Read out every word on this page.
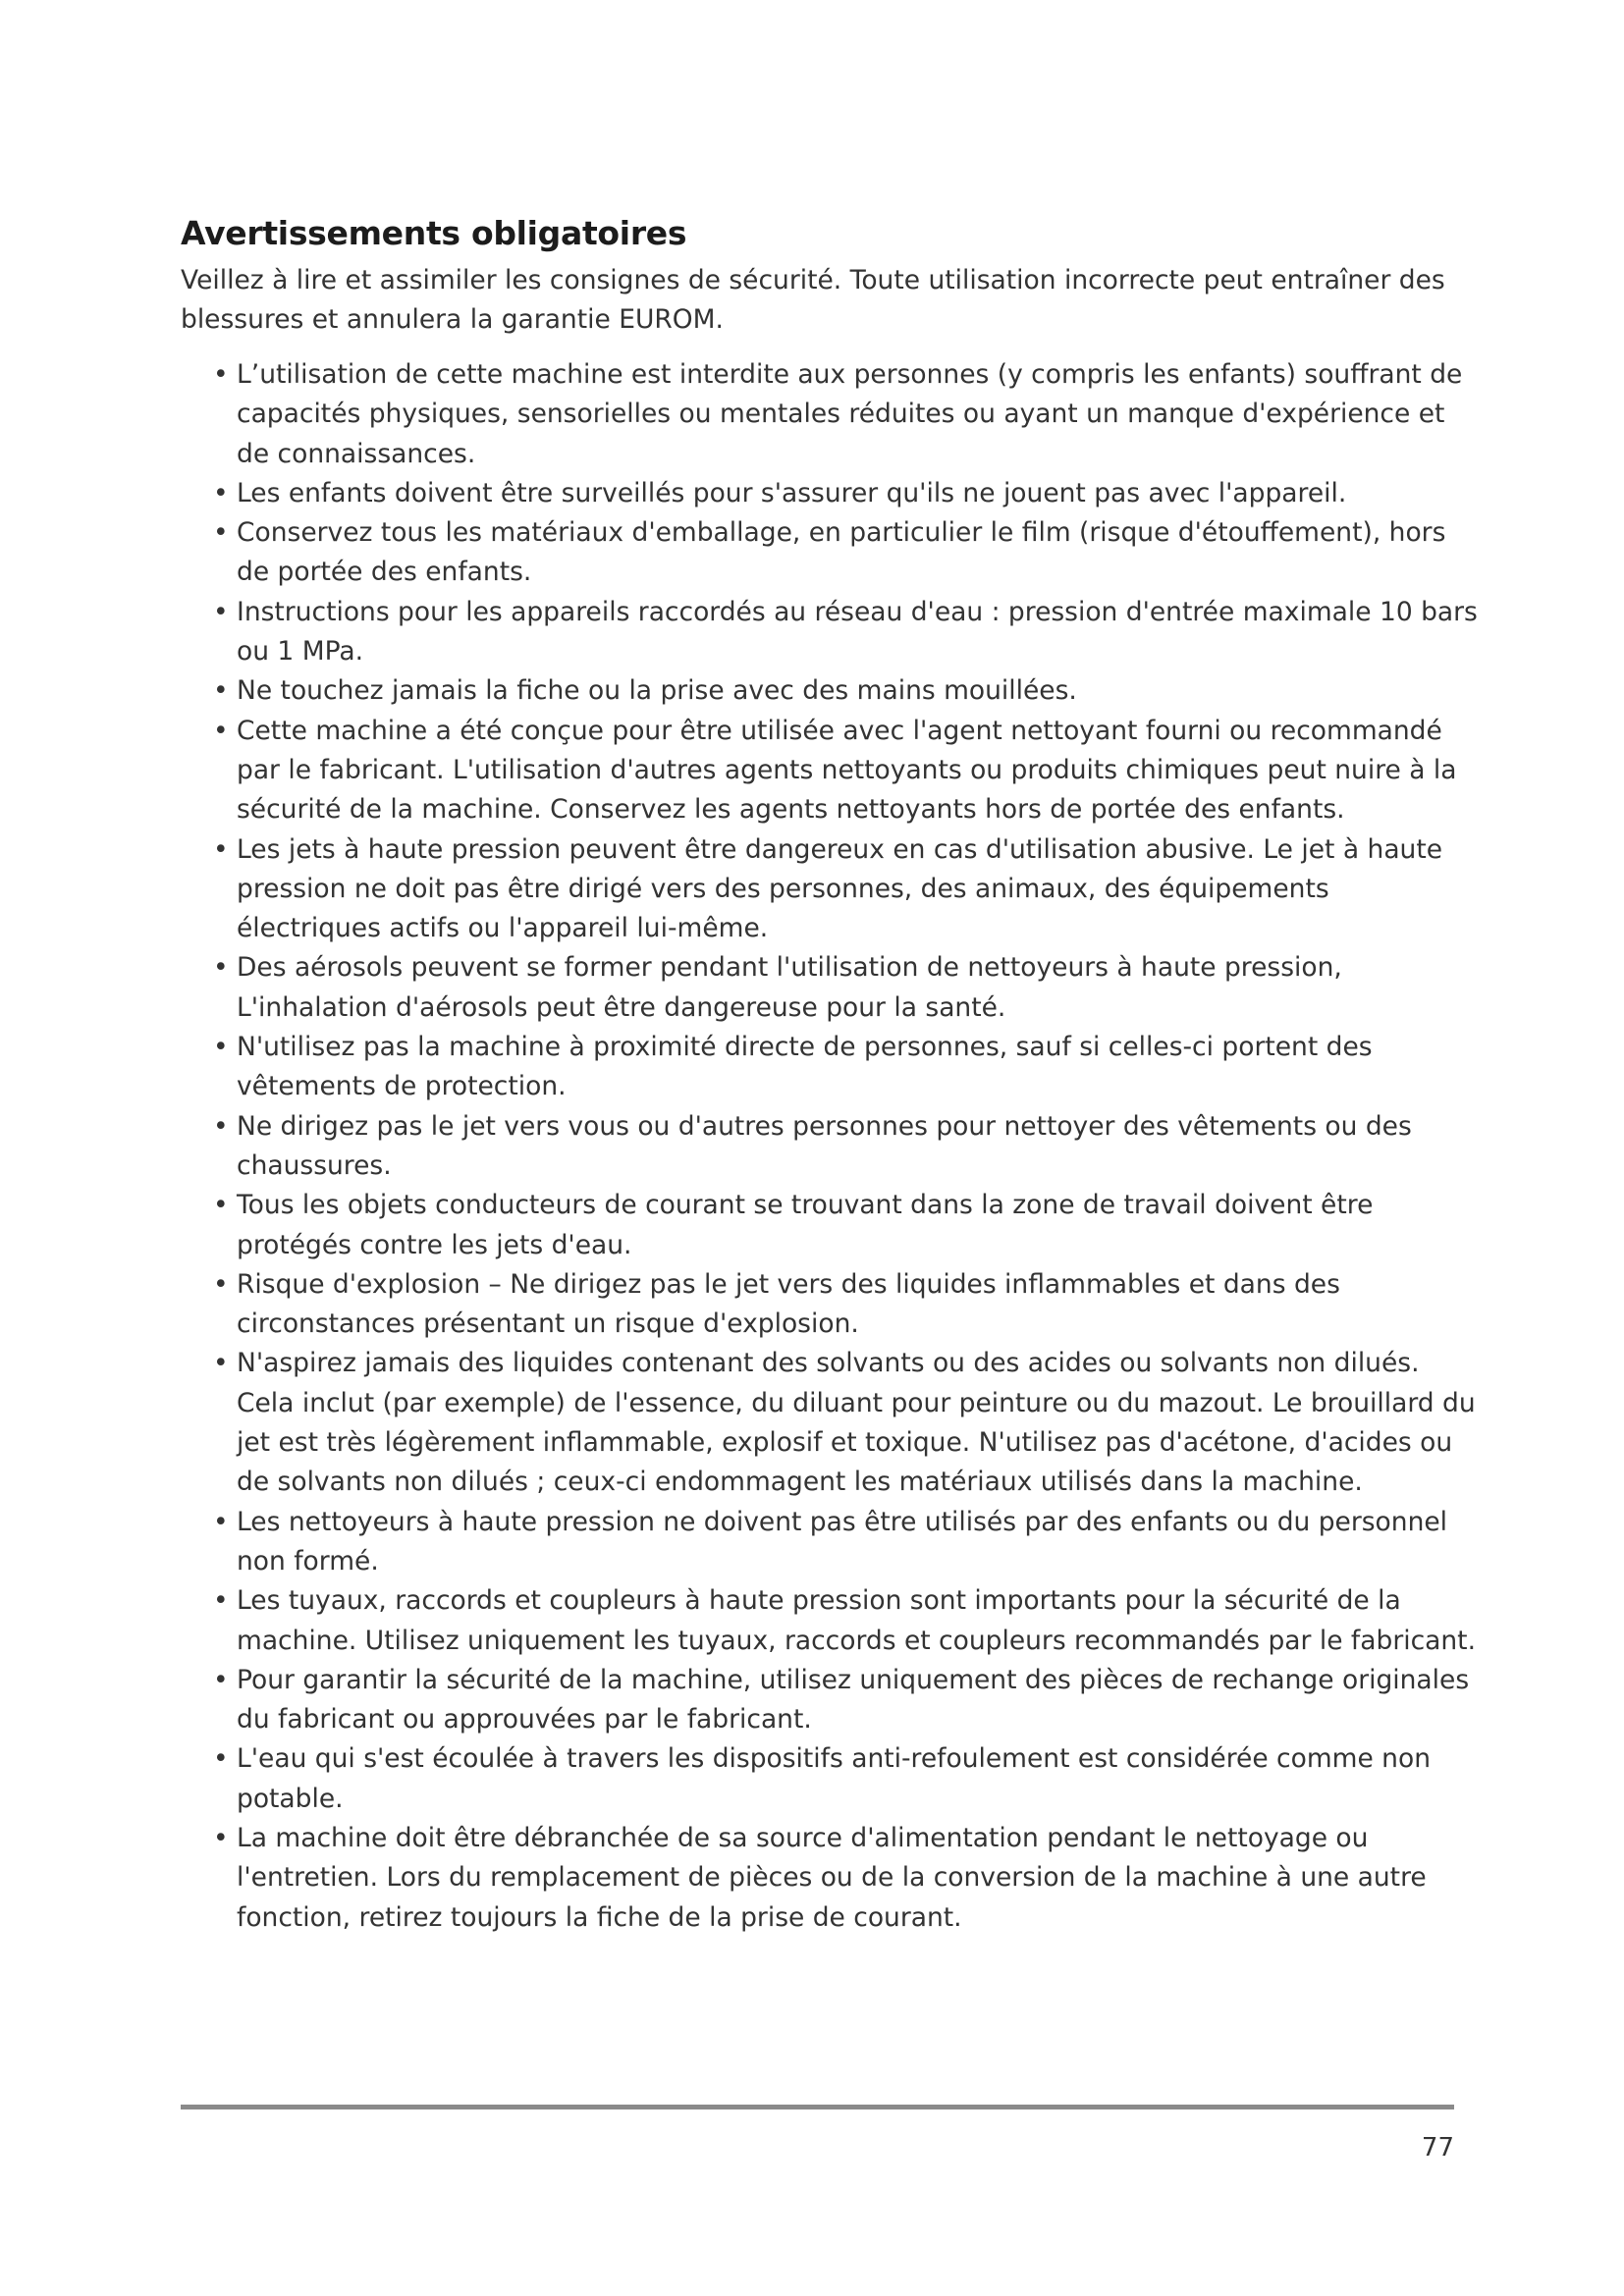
Avertissements obligatoires

Veillez à lire et assimiler les consignes de sécurité. Toute utilisation incorrecte peut entraîner des blessures et annulera la garantie EUROM.

• L’utilisation de cette machine est interdite aux personnes (y compris les enfants) souffrant de capacités physiques, sensorielles ou mentales réduites ou ayant un manque d'expérience et de connaissances.
• Les enfants doivent être surveillés pour s'assurer qu'ils ne jouent pas avec l'appareil.
• Conservez tous les matériaux d'emballage, en particulier le film (risque d'étouffement), hors de portée des enfants.
• Instructions pour les appareils raccordés au réseau d'eau : pression d'entrée maximale 10 bars ou 1 MPa.
• Ne touchez jamais la fiche ou la prise avec des mains mouillées.
• Cette machine a été conçue pour être utilisée avec l'agent nettoyant fourni ou recommandé par le fabricant. L'utilisation d'autres agents nettoyants ou produits chimiques peut nuire à la sécurité de la machine. Conservez les agents nettoyants hors de portée des enfants.
• Les jets à haute pression peuvent être dangereux en cas d'utilisation abusive. Le jet à haute pression ne doit pas être dirigé vers des personnes, des animaux, des équipements électriques actifs ou l'appareil lui-même.
• Des aérosols peuvent se former pendant l'utilisation de nettoyeurs à haute pression, L'inhalation d'aérosols peut être dangereuse pour la santé.
• N'utilisez pas la machine à proximité directe de personnes, sauf si celles-ci portent des vêtements de protection.
• Ne dirigez pas le jet vers vous ou d'autres personnes pour nettoyer des vêtements ou des chaussures.
• Tous les objets conducteurs de courant se trouvant dans la zone de travail doivent être protégés contre les jets d'eau.
• Risque d'explosion – Ne dirigez pas le jet vers des liquides inflammables et dans des circonstances présentant un risque d'explosion.
• N'aspirez jamais des liquides contenant des solvants ou des acides ou solvants non dilués. Cela inclut (par exemple) de l'essence, du diluant pour peinture ou du mazout. Le brouillard du jet est très légèrement inflammable, explosif et toxique. N'utilisez pas d'acétone, d'acides ou de solvants non dilués ; ceux-ci endommagent les matériaux utilisés dans la machine.
• Les nettoyeurs à haute pression ne doivent pas être utilisés par des enfants ou du personnel non formé.
• Les tuyaux, raccords et coupleurs à haute pression sont importants pour la sécurité de la machine. Utilisez uniquement les tuyaux, raccords et coupleurs recommandés par le fabricant.
• Pour garantir la sécurité de la machine, utilisez uniquement des pièces de rechange originales du fabricant ou approuvées par le fabricant.
• L'eau qui s'est écoulée à travers les dispositifs anti-refoulement est considérée comme non potable.
• La machine doit être débranchée de sa source d'alimentation pendant le nettoyage ou l'entretien. Lors du remplacement de pièces ou de la conversion de la machine à une autre fonction, retirez toujours la fiche de la prise de courant.
77
